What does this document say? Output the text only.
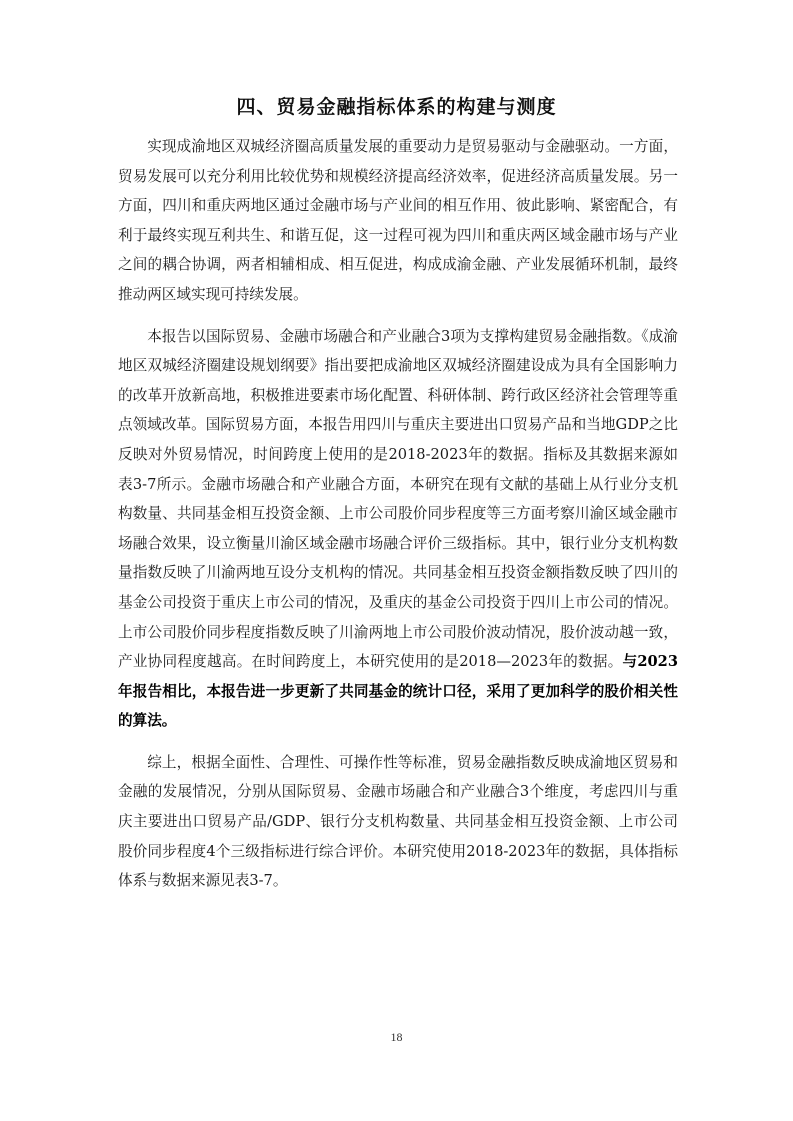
四、贸易金融指标体系的构建与测度

实现成渝地区双城经济圈高质量发展的重要动力是贸易驱动与金融驱动。一方面，贸易发展可以充分利用比较优势和规模经济提高经济效率，促进经济高质量发展。另一方面，四川和重庆两地区通过金融市场与产业间的相互作用、彼此影响、紧密配合，有利于最终实现互利共生、和谐互促，这一过程可视为四川和重庆两区域金融市场与产业之间的耦合协调，两者相辅相成、相互促进，构成成渝金融、产业发展循环机制，最终推动两区域实现可持续发展。

本报告以国际贸易、金融市场融合和产业融合3项为支撑构建贸易金融指数。《成渝地区双城经济圈建设规划纲要》指出要把成渝地区双城经济圈建设成为具有全国影响力的改革开放新高地，积极推进要素市场化配置、科研体制、跨行政区经济社会管理等重点领域改革。国际贸易方面，本报告用四川与重庆主要进出口贸易产品和当地GDP之比反映对外贸易情况，时间跨度上使用的是2018-2023年的数据。指标及其数据来源如表3-7所示。金融市场融合和产业融合方面，本研究在现有文献的基础上从行业分支机构数量、共同基金相互投资金额、上市公司股价同步程度等三方面考察川渝区域金融市场融合效果，设立衡量川渝区域金融市场融合评价三级指标。其中，银行业分支机构数量指数反映了川渝两地互设分支机构的情况。共同基金相互投资金额指数反映了四川的基金公司投资于重庆上市公司的情况，及重庆的基金公司投资于四川上市公司的情况。上市公司股价同步程度指数反映了川渝两地上市公司股价波动情况，股价波动越一致，产业协同程度越高。在时间跨度上，本研究使用的是2018—2023年的数据。与2023年报告相比，本报告进一步更新了共同基金的统计口径，采用了更加科学的股价相关性的算法。

综上，根据全面性、合理性、可操作性等标准，贸易金融指数反映成渝地区贸易和金融的发展情况，分别从国际贸易、金融市场融合和产业融合3个维度，考虑四川与重庆主要进出口贸易产品/GDP、银行分支机构数量、共同基金相互投资金额、上市公司股价同步程度4个三级指标进行综合评价。本研究使用2018-2023年的数据，具体指标体系与数据来源见表3-7。

18
